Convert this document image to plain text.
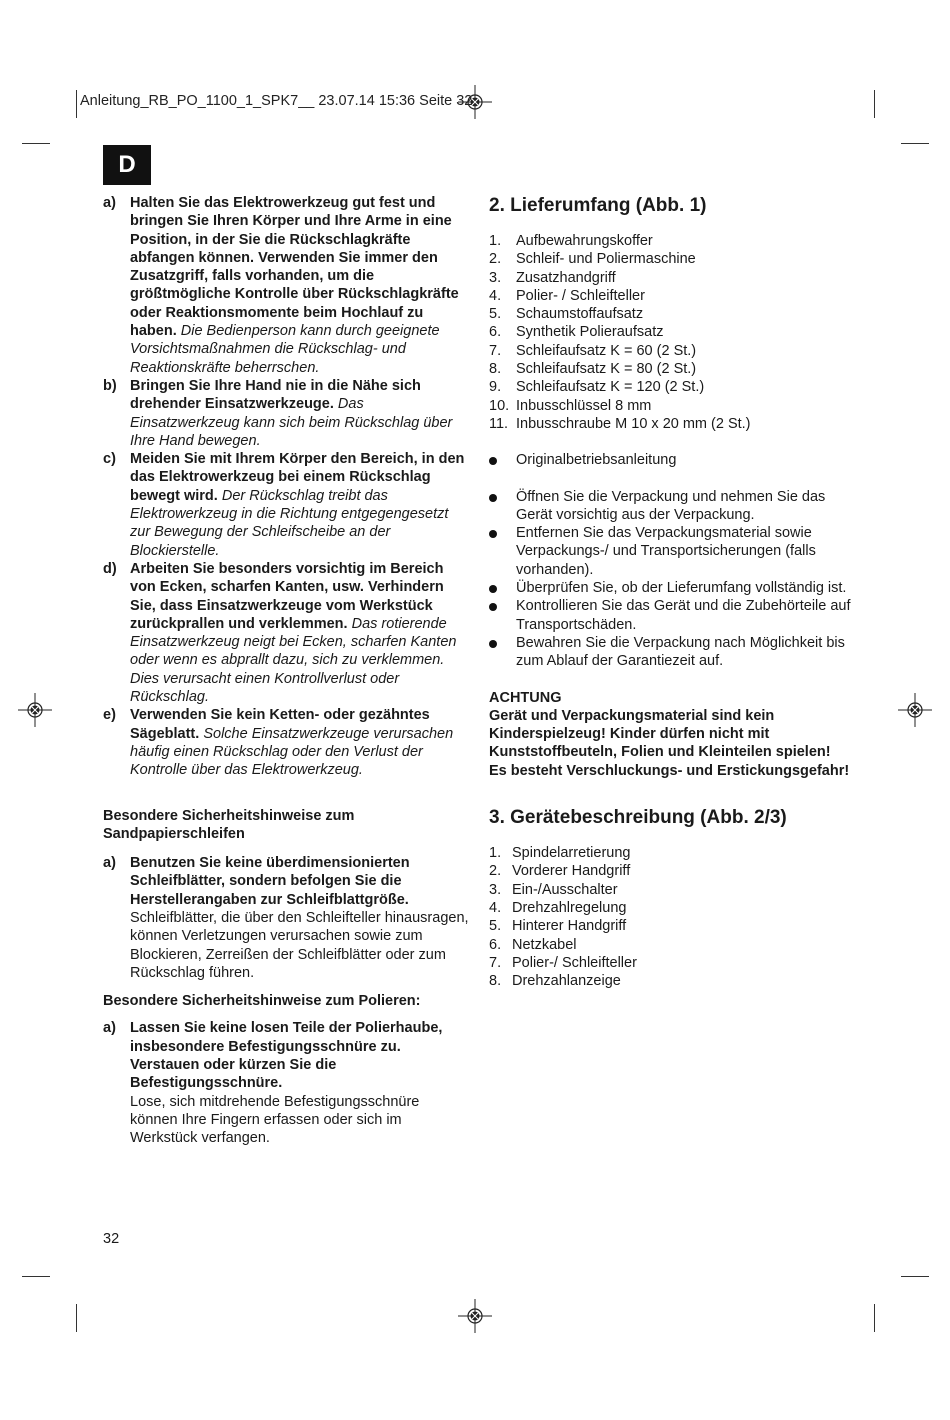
Anleitung_RB_PO_1100_1_SPK7__ 23.07.14 15:36 Seite 32
D
a) Halten Sie das Elektrowerkzeug gut fest und bringen Sie Ihren Körper und Ihre Arme in eine Position, in der Sie die Rückschlagkräfte abfangen können. Verwenden Sie immer den Zusatzgriff, falls vorhanden, um die größtmögliche Kontrolle über Rückschlagkräfte oder Reaktionsmomente beim Hochlauf zu haben. Die Bedienperson kann durch geeignete Vorsichtsmaßnahmen die Rückschlag- und Reaktionskräfte beherrschen.
b) Bringen Sie Ihre Hand nie in die Nähe sich drehender Einsatzwerkzeuge. Das Einsatzwerkzeug kann sich beim Rückschlag über Ihre Hand bewegen.
c) Meiden Sie mit Ihrem Körper den Bereich, in den das Elektrowerkzeug bei einem Rückschlag bewegt wird. Der Rückschlag treibt das Elektrowerkzeug in die Richtung entgegengesetzt zur Bewegung der Schleifscheibe an der Blockierstelle.
d) Arbeiten Sie besonders vorsichtig im Bereich von Ecken, scharfen Kanten, usw. Verhindern Sie, dass Einsatzwerkzeuge vom Werkstück zurückprallen und verklemmen. Das rotierende Einsatzwerkzeug neigt bei Ecken, scharfen Kanten oder wenn es abprallt dazu, sich zu verklemmen. Dies verursacht einen Kontrollverlust oder Rückschlag.
e) Verwenden Sie kein Ketten- oder gezähntes Sägeblatt. Solche Einsatzwerkzeuge verursachen häufig einen Rückschlag oder den Verlust der Kontrolle über das Elektrowerkzeug.
Besondere Sicherheitshinweise zum Sandpapierschleifen
a) Benutzen Sie keine überdimensionierten Schleifblätter, sondern befolgen Sie die Herstellerangaben zur Schleifblattgröße. Schleifblätter, die über den Schleifteller hinausragen, können Verletzungen verursachen sowie zum Blockieren, Zerreißen der Schleifblätter oder zum Rückschlag führen.
Besondere Sicherheitshinweise zum Polieren:
a) Lassen Sie keine losen Teile der Polierhaube, insbesondere Befestigungsschnüre zu. Verstauen oder kürzen Sie die Befestigungsschnüre.
Lose, sich mitdrehende Befestigungsschnüre können Ihre Fingern erfassen oder sich im Werkstück verfangen.
2. Lieferumfang (Abb. 1)
1.	Aufbewahrungskoffer
2.	Schleif- und Poliermaschine
3.	Zusatzhandgriff
4.	Polier- / Schleifteller
5.	Schaumstoffaufsatz
6.	Synthetik Polieraufsatz
7.	Schleifaufsatz K = 60 (2 St.)
8.	Schleifaufsatz K = 80 (2 St.)
9.	Schleifaufsatz K = 120 (2 St.)
10. Inbusschlüssel 8 mm
11. Inbusschraube M 10 x 20 mm (2 St.)
Originalbetriebsanleitung
Öffnen Sie die Verpackung und nehmen Sie das Gerät vorsichtig aus der Verpackung.
Entfernen Sie das Verpackungsmaterial sowie Verpackungs-/ und Transportsicherungen (falls vorhanden).
Überprüfen Sie, ob der Lieferumfang vollständig ist.
Kontrollieren Sie das Gerät und die Zubehörteile auf Transportschäden.
Bewahren Sie die Verpackung nach Möglichkeit bis zum Ablauf der Garantiezeit auf.
ACHTUNG
Gerät und Verpackungsmaterial sind kein Kinderspielzeug! Kinder dürfen nicht mit Kunststoffbeuteln, Folien und Kleinteilen spielen! Es besteht Verschluckungs- und Erstickungsgefahr!
3. Gerätebeschreibung (Abb. 2/3)
1. Spindelarretierung
2. Vorderer Handgriff
3. Ein-/Ausschalter
4. Drehzahlregelung
5. Hinterer Handgriff
6. Netzkabel
7. Polier-/ Schleifteller
8. Drehzahlanzeige
32
